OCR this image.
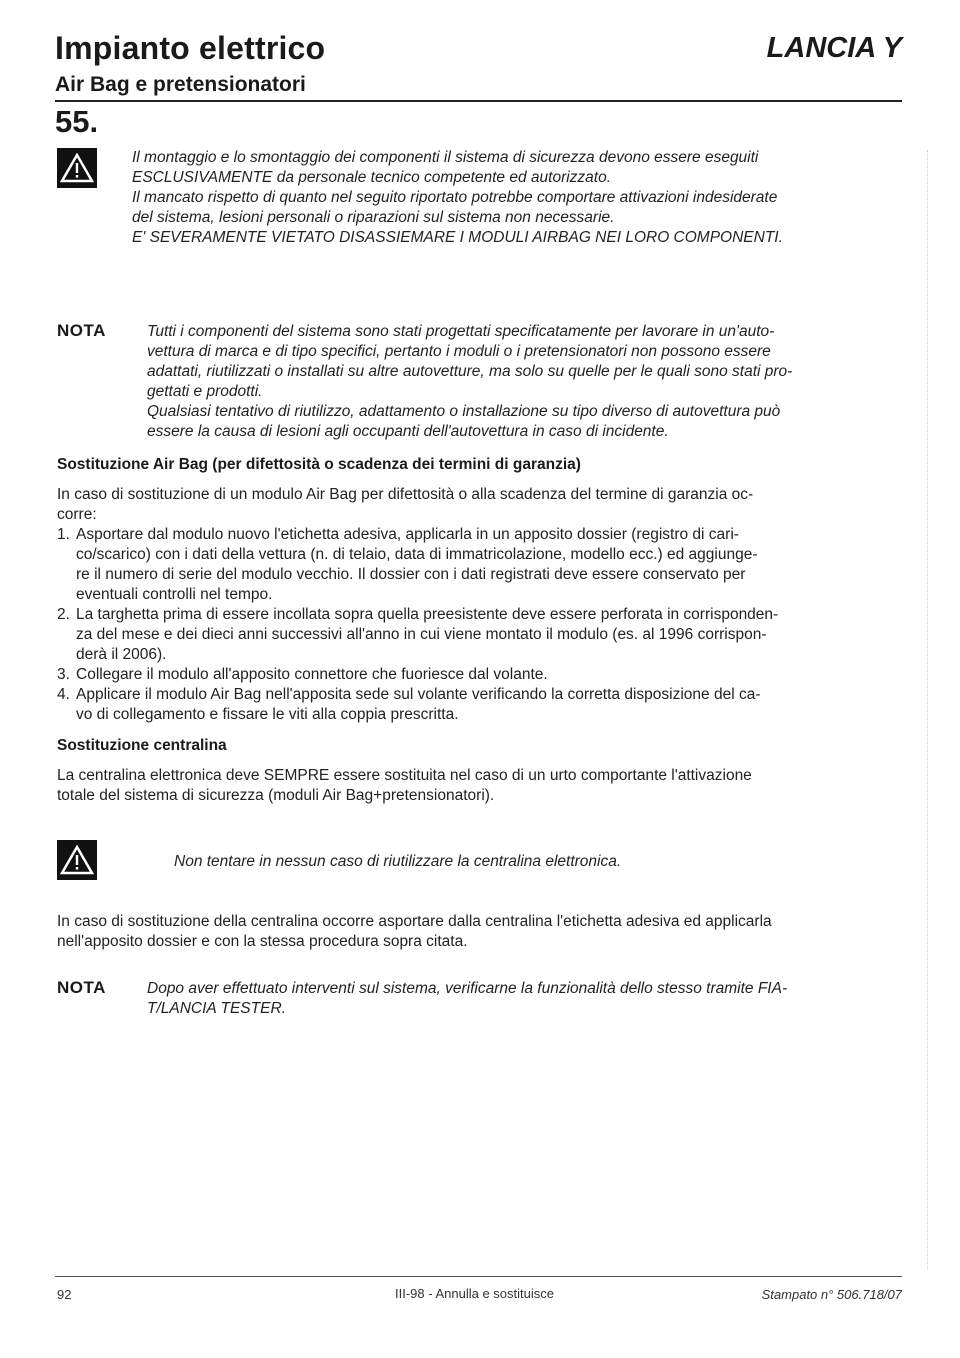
Impianto elettrico	LANCIA Y
Air Bag e pretensionatori
55.

Il montaggio e lo smontaggio dei componenti il sistema di sicurezza devono essere eseguiti

ESCLUSIVAMENTE da personale tecnico competente ed autorizzato.

Il mancato rispetto di quanto nel seguito riportato potrebbe comportare attivazioni indesiderate

del sistema, lesioni personali o riparazioni sul sistema non necessarie.

E' SEVERAMENTE VIETATO DISASSIEMARE I MODULI AIRBAG NEI LORO COMPONENTI.

NOTA	Tutti i componenti del sistema sono stati progettati specificatamente per lavorare in un'auto-

vettura di marca e di tipo specifici, pertanto i moduli o i pretensionatori non possono essere

adattati, riutilizzati o installati su altre autovetture, ma solo su quelle per le quali sono stati pro-

gettati e prodotti.

Qualsiasi tentativo di riutilizzo, adattamento o installazione su tipo diverso di autovettura può

essere la causa di lesioni agli occupanti dell'autovettura in caso di incidente.

Sostituzione Air Bag (per difettosità o scadenza dei termini di garanzia)

In caso di sostituzione di un modulo Air Bag per difettosità o alla scadenza del termine di garanzia oc-

corre:

1. Asportare dal modulo nuovo l'etichetta adesiva, applicarla in un apposito dossier (registro di cari-

co/scarico) con i dati della vettura (n. di telaio, data di immatricolazione, modello ecc.) ed aggiunge-

re il numero di serie del modulo vecchio. Il dossier con i dati registrati deve essere conservato per

eventuali controlli nel tempo.

2. La targhetta prima di essere incollata sopra quella preesistente deve essere perforata in corrisponden-

za del mese e dei dieci anni successivi all'anno in cui viene montato il modulo (es. al 1996 corrispon-

derà il 2006).

3. Collegare il modulo all'apposito connettore che fuoriesce dal volante.

4. Applicare il modulo Air Bag nell'apposita sede sul volante verificando la corretta disposizione del ca-

vo di collegamento e fissare le viti alla coppia prescritta.

Sostituzione centralina

La centralina elettronica deve SEMPRE essere sostituita nel caso di un urto comportante l'attivazione

totale del sistema di sicurezza (moduli Air Bag+pretensionatori).

Non tentare in nessun caso di riutilizzare la centralina elettronica.

In caso di sostituzione della centralina occorre asportare dalla centralina l'etichetta adesiva ed applicarla

nell'apposito dossier e con la stessa procedura sopra citata.

NOTA	Dopo aver effettuato interventi sul sistema, verificarne la funzionalità dello stesso tramite FIA-

T/LANCIA TESTER.

92	III-98 - Annulla e sostituisce	Stampato n° 506.718/07
